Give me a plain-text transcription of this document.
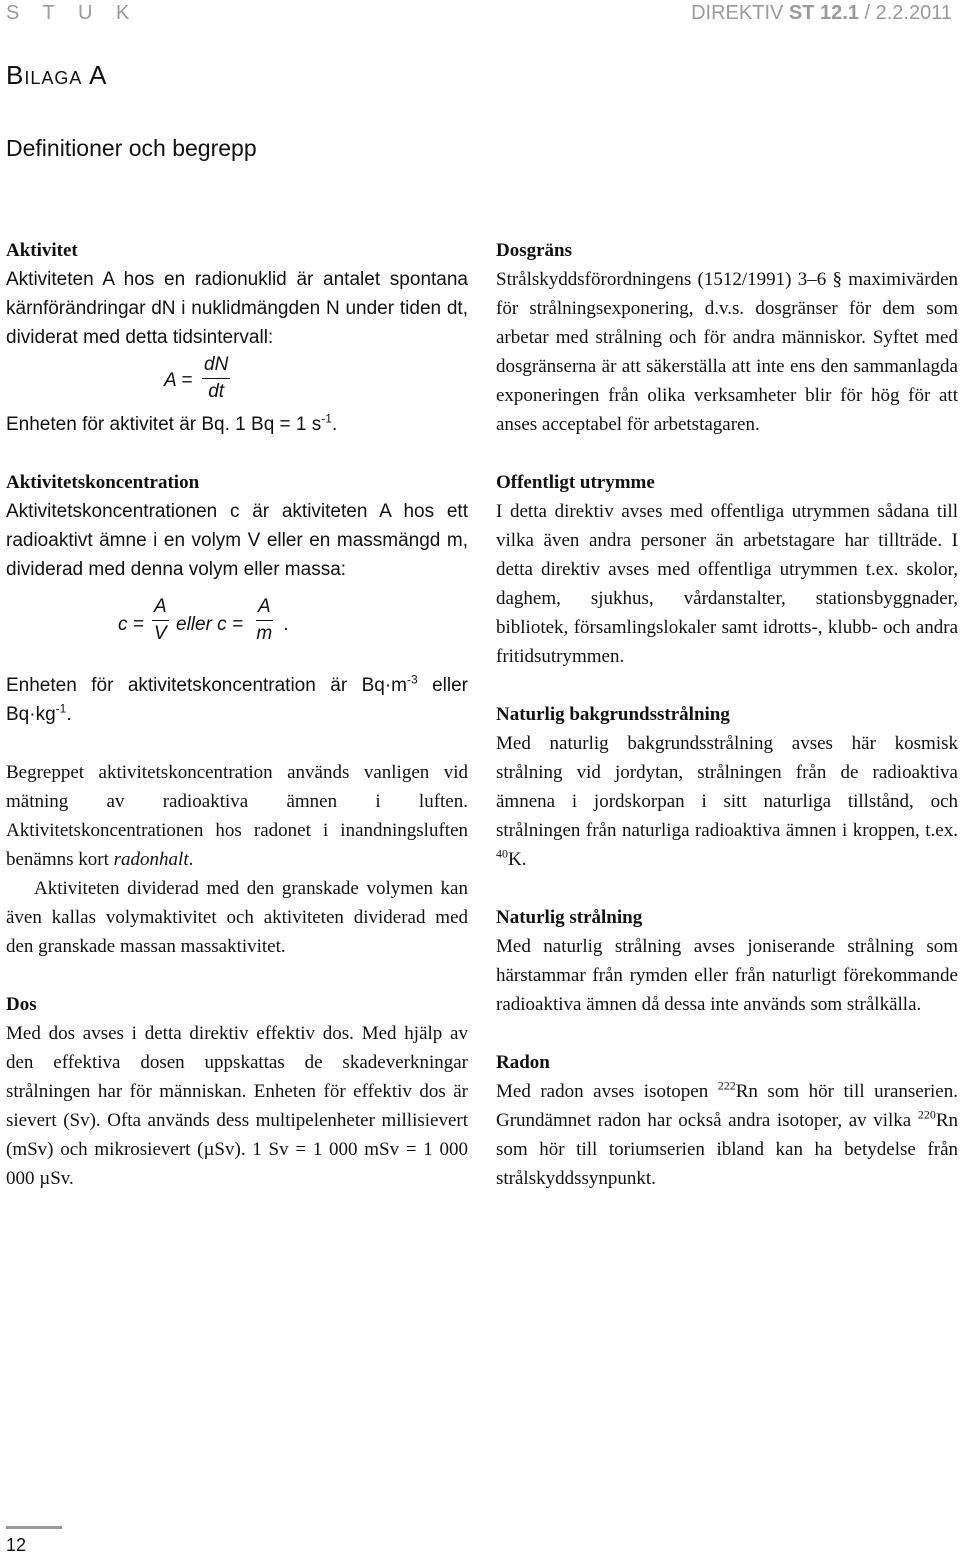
S T U K	DIREKTIV ST 12.1 / 2.2.2011
Bilaga A
Definitioner och begrepp
Aktivitet

Aktiviteten A hos en radionuklid är antalet spontana kärnförändringar dN i nuklidmängden N under tiden dt, dividerat med detta tidsintervall:

$A = \frac{dN}{dt}$

Enheten för aktivitet är Bq. 1 Bq = 1 $s^{-1}$.

Aktivitetskoncentration

Aktivitetskoncentrationen c är aktiviteten A hos ett radioaktivt ämne i en volym V eller en massmängd m, dividerad med denna volym eller massa:

$c = \frac{A}{V}$ eller $c = \frac{A}{m}$ .

Enheten för aktivitetskoncentration är $Bq\cdot m^{-3}$ eller $Bq\cdot kg^{-1}$.

Begreppet aktivitetskoncentration används vanligen vid mätning av radioaktiva ämnen i luften. Aktivitetskoncentrationen hos radonet i inandningsluften benämns kort radonhalt.

Aktiviteten dividerad med den granskade volymen kan även kallas volymaktivitet och aktiviteten dividerad med den granskade massan massaktivitet.

Dos

Med dos avses i detta direktiv effektiv dos. Med hjälp av den effektiva dosen uppskattas de skadeverkningar strålningen har för människan. Enheten för effektiv dos är sievert (Sv). Ofta används dess multipelenheter millisievert (mSv) och mikrosievert (µSv). 1 Sv = 1 000 mSv = 1 000 000 µSv.

Dosgräns

Strålskyddsförordningens (1512/1991) 3–6 § maximivärden för strålningsexponering, d.v.s. dosgränser för dem som arbetar med strålning och för andra människor. Syftet med dosgränserna är att säkerställa att inte ens den sammanlagda exponeringen från olika verksamheter blir för hög för att anses acceptabel för arbetstagaren.

Offentligt utrymme

I detta direktiv avses med offentliga utrymmen sådana till vilka även andra personer än arbetstagare har tillträde. I detta direktiv avses med offentliga utrymmen t.ex. skolor, daghem, sjukhus, vårdanstalter, stationsbyggnader, bibliotek, församlingslokaler samt idrotts-, klubb- och andra fritidsutrymmen.

Naturlig bakgrundsstrålning

Med naturlig bakgrundsstrålning avses här kosmisk strålning vid jordytan, strålningen från de radioaktiva ämnena i jordskorpan i sitt naturliga tillstånd, och strålningen från naturliga radioaktiva ämnen i kroppen, t.ex. $^{40}$K.

Naturlig strålning

Med naturlig strålning avses joniserande strålning som härstammar från rymden eller från naturligt förekommande radioaktiva ämnen då dessa inte används som strålkälla.

Radon

Med radon avses isotopen $^{222}$Rn som hör till uranserien. Grundämnet radon har också andra isotoper, av vilka $^{220}$Rn som hör till toriumserien ibland kan ha betydelse från strålskyddssynpunkt.

12
